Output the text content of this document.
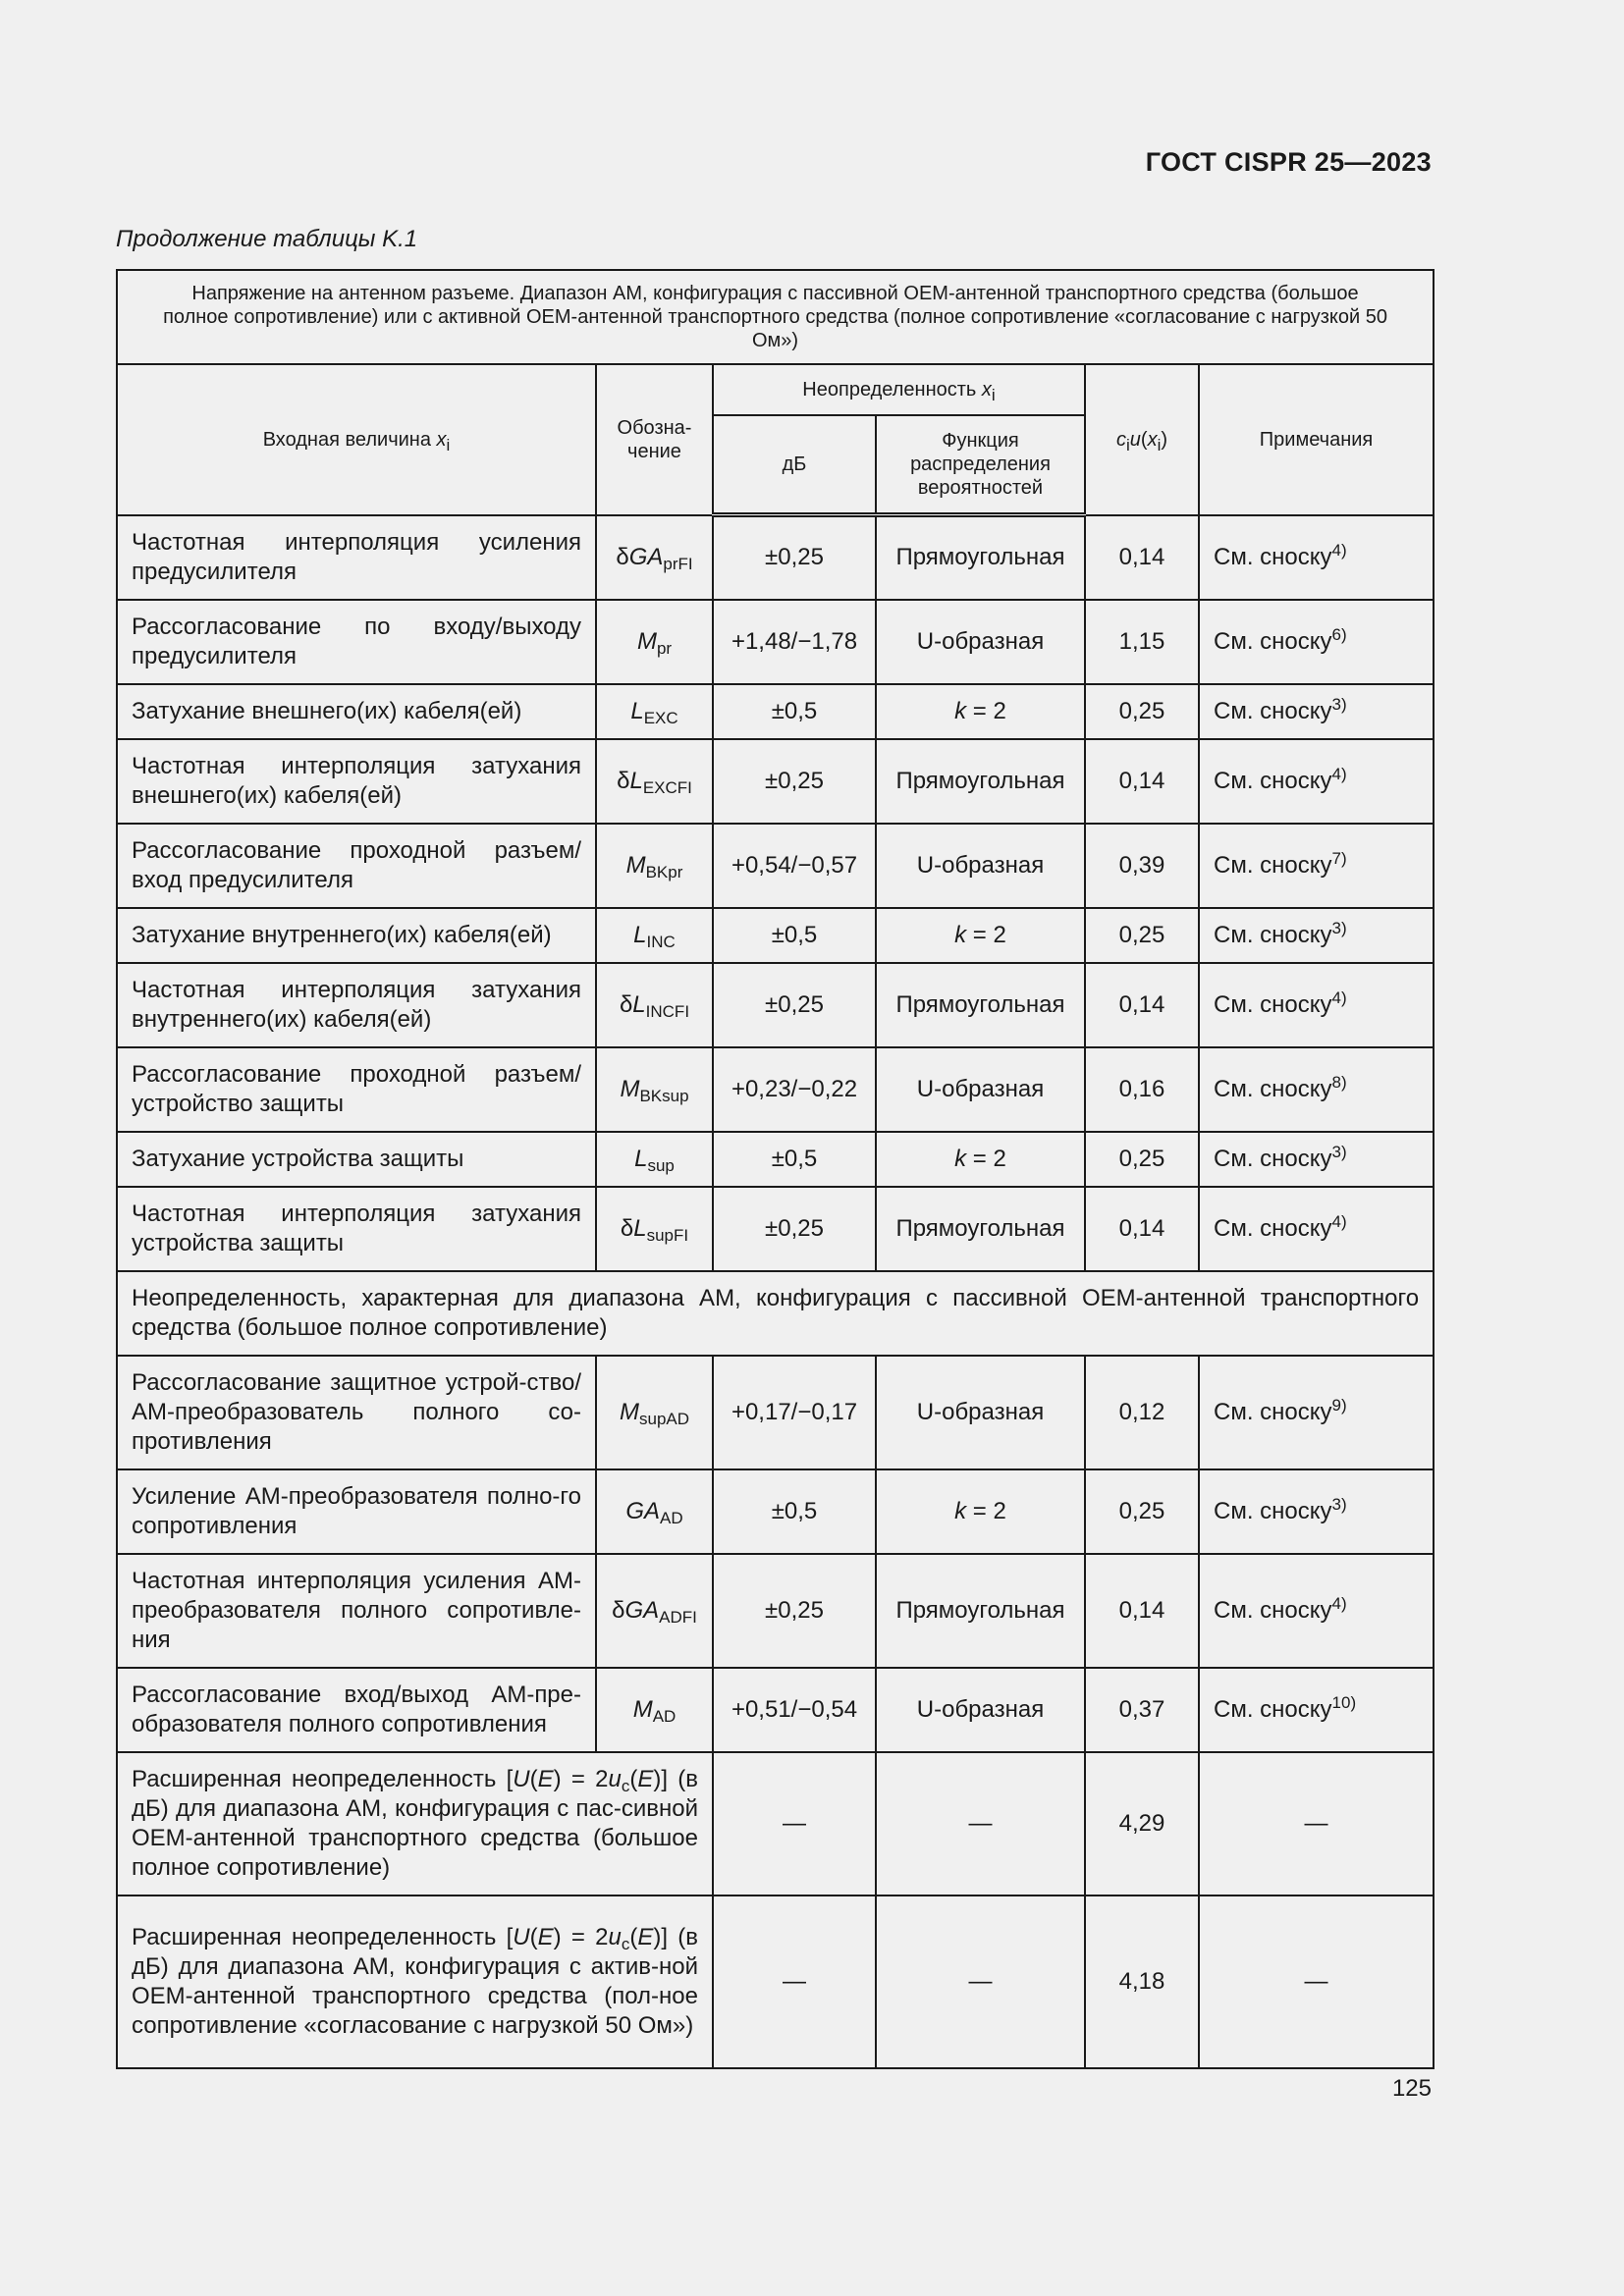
ГОСТ CISPR 25—2023
Продолжение таблицы K.1
Напряжение на антенном разъеме. Диапазон АМ, конфигурация с пассивной ОЕМ-антенной транспортного средства (большое полное сопротивление) или с активной ОЕМ-антенной транспортного средства (полное сопротивление «согласование с нагрузкой 50 Ом»)					
Входная величина $x_i$	Обозна-чение	Неопределенность $x_i$		$c_iu(x_i)$	Примечания
		дБ	Функция распределения вероятностей		
Частотная интерполяция усиления предусилителя	δGA$_{prFI}$	±0,25	Прямоугольная	0,14	См. сноску$^{4)}$
Рассогласование по входу/выходу предусилителя	$M_{pr}$	+1,48/−1,78	U-образная	1,15	См. сноску$^{6)}$
Затухание внешнего(их) кабеля(ей)	$L_{EXC}$	±0,5	k = 2	0,25	См. сноску$^{3)}$
Частотная интерполяция затухания внешнего(их) кабеля(ей)	$\delta L_{EXCFI}$	±0,25	Прямоугольная	0,14	См. сноску$^{4)}$
Рассогласование проходной разъем/вход предусилителя	$M_{BKpr}$	+0,54/−0,57	U-образная	0,39	См. сноску$^{7)}$
Затухание внутреннего(их) кабеля(ей)	$L_{INC}$	±0,5	k = 2	0,25	См. сноску$^{3)}$
Частотная интерполяция затухания внутреннего(их) кабеля(ей)	$\delta L_{INCFI}$	±0,25	Прямоугольная	0,14	См. сноску$^{4)}$
Рассогласование проходной разъем/устройство защиты	$M_{BKsup}$	+0,23/−0,22	U-образная	0,16	См. сноску$^{8)}$
Затухание устройства защиты	$L_{sup}$	±0,5	k = 2	0,25	См. сноску$^{3)}$
Частотная интерполяция затухания устройства защиты	$\delta L_{supFI}$	±0,25	Прямоугольная	0,14	См. сноску$^{4)}$
Неопределенность, характерная для диапазона АМ, конфигурация с пассивной ОЕМ-антенной транспортного средства (большое полное сопротивление)					
Рассогласование защитное устрой-ство/АМ-преобразователь полного со-противления	$M_{supAD}$	+0,17/−0,17	U-образная	0,12	См. сноску$^{9)}$
Усиление АМ-преобразователя полно-го сопротивления	$GA_{AD}$	±0,5	k = 2	0,25	См. сноску$^{3)}$
Частотная интерполяция усиления АМ-преобразователя полного сопротивле-ния	δGA$_{ADFI}$	±0,25	Прямоугольная	0,14	См. сноску$^{4)}$
Рассогласование вход/выход АМ-пре-образователя полного сопротивления	$M_{AD}$	+0,51/−0,54	U-образная	0,37	См. сноску$^{10)}$
Расширенная неопределенность $[U(E) = 2u_c(E)]$ (в дБ) для диапазона АМ, конфигурация с пас-сивной ОЕМ-антенной транспортного средства (большое полное сопротивление)		—	—	4,29	—
Расширенная неопределенность $[U(E) = 2u_c(E)]$ (в дБ) для диапазона АМ, конфигурация с актив-ной ОЕМ-антенной транспортного средства (пол-ное сопротивление «согласование с нагрузкой 50 Ом»)		—	—	4,18	—
125
